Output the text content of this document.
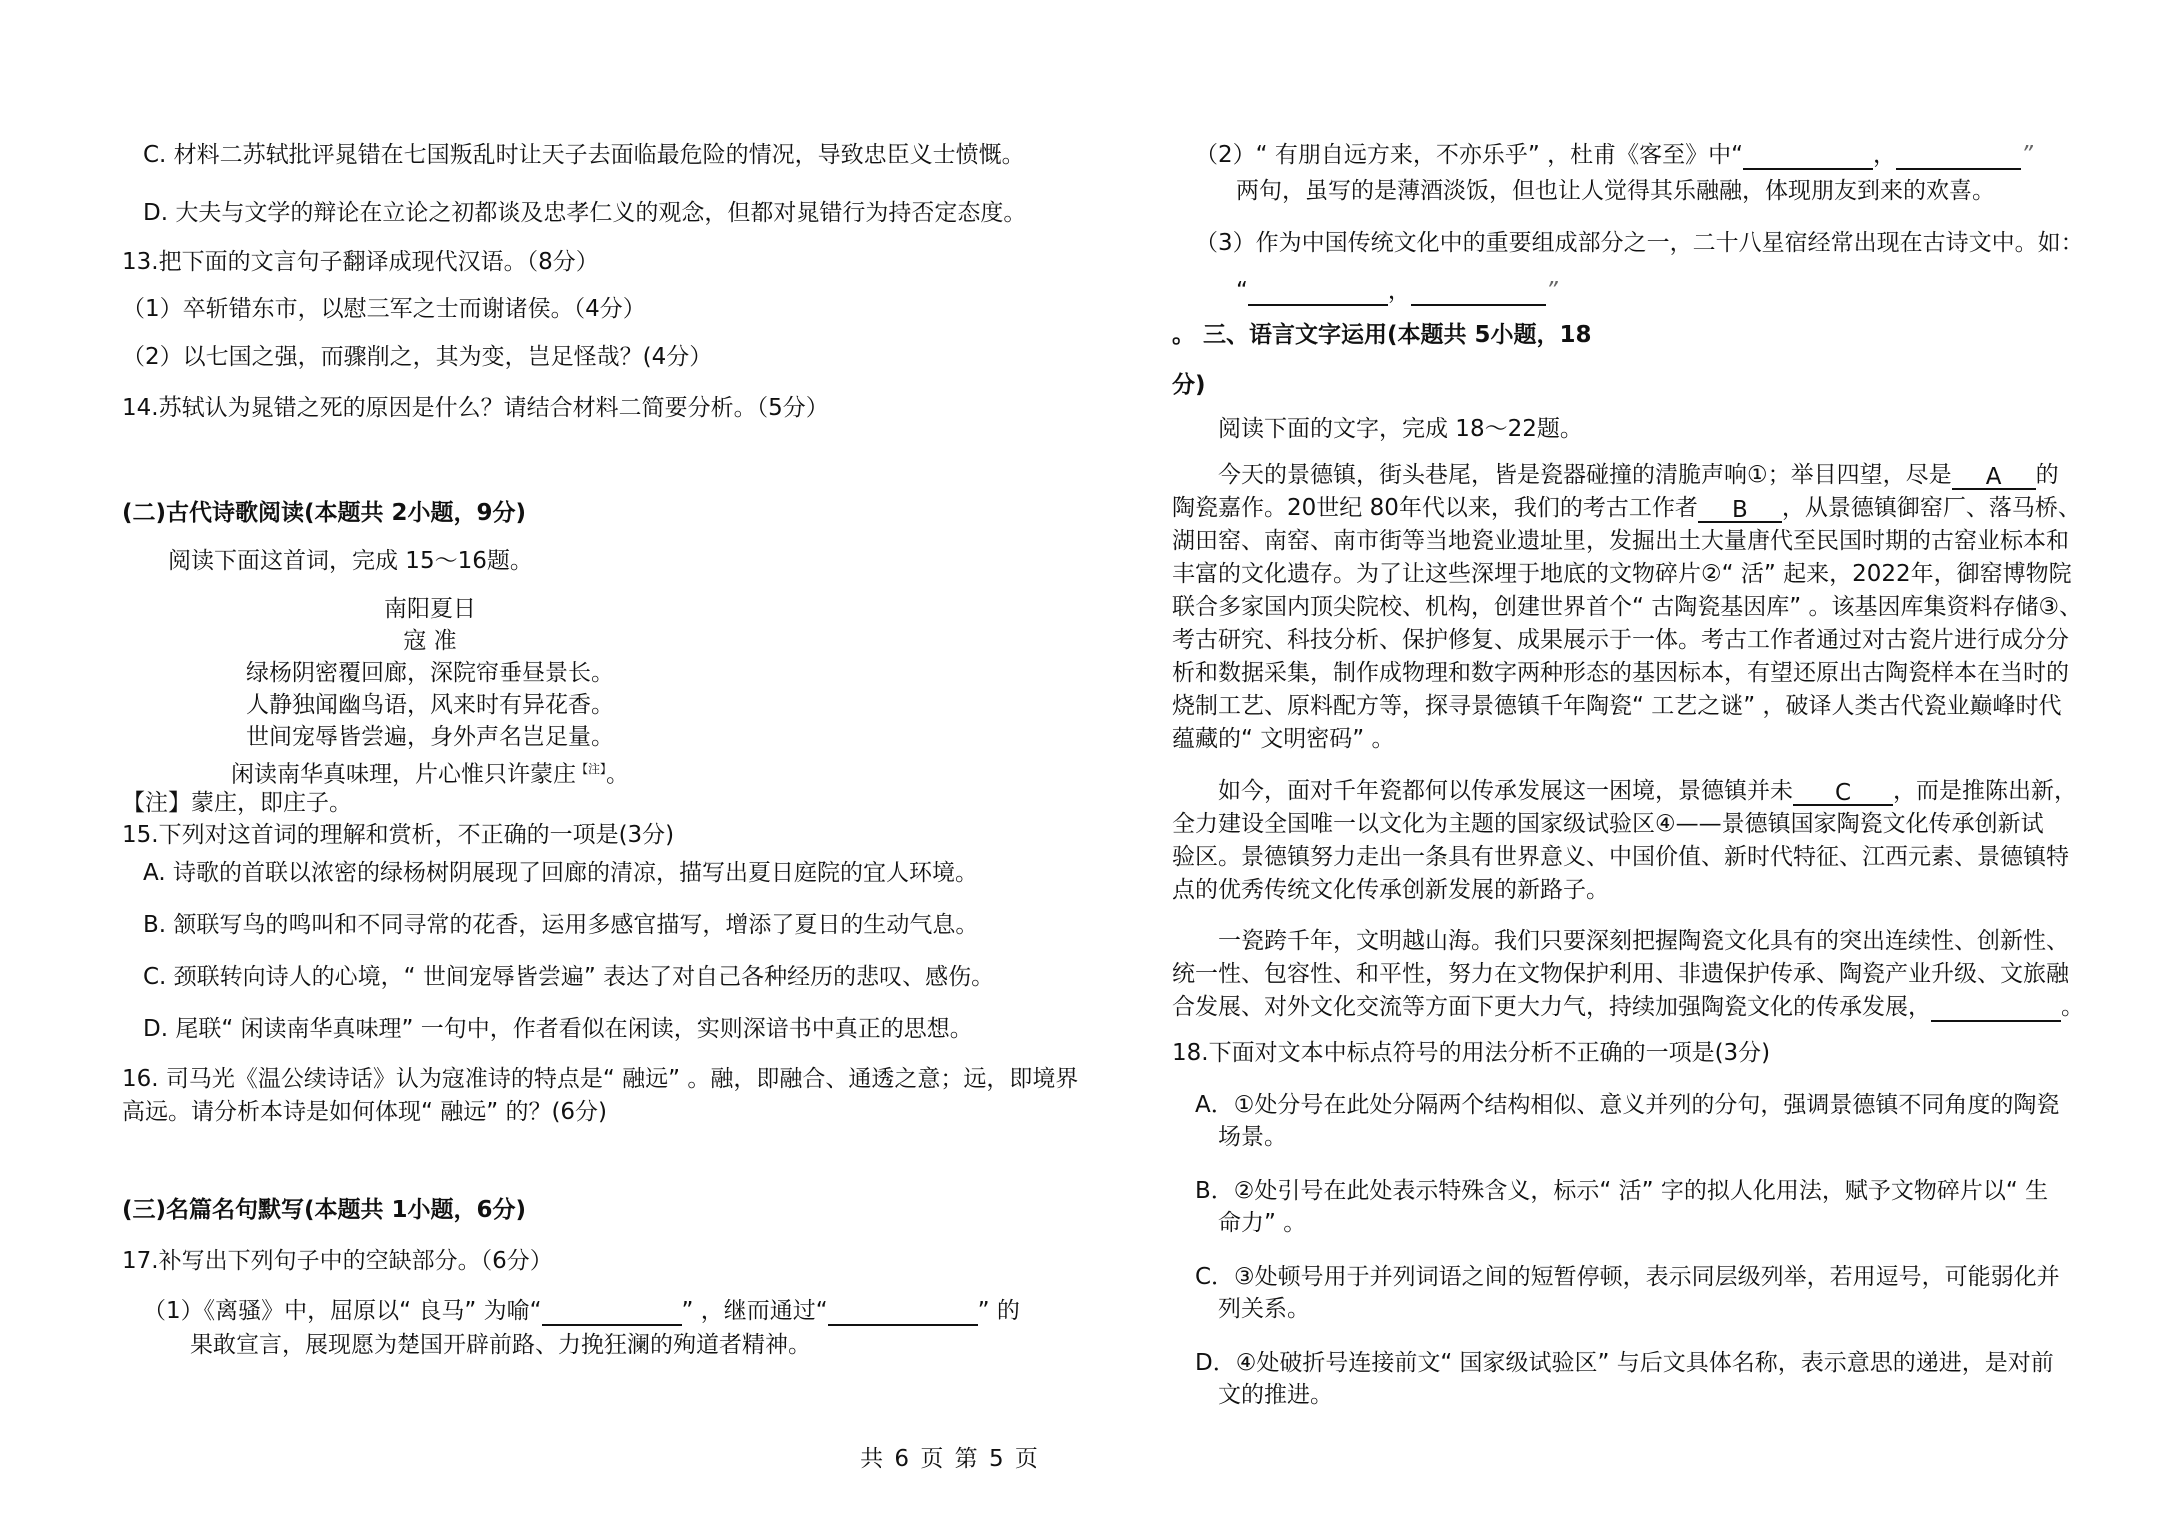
C. 材料二苏轼批评晁错在七国叛乱时让天子去面临最危险的情况，导致忠臣义士愤慨。
D. 大夫与文学的辩论在立论之初都谈及忠孝仁义的观念，但都对晁错行为持否定态度。
13.把下面的文言句子翻译成现代汉语。（8分）
（1）卒斩错东市，以慰三军之士而谢诸侯。（4分）
（2）以七国之强，而骤削之，其为变，岂足怪哉？(4分）
14.苏轼认为晁错之死的原因是什么？请结合材料二简要分析。（5分）
(二)古代诗歌阅读(本题共 2小题，9分)
阅读下面这首词，完成 15～16题。
南阳夏日
寇 准
绿杨阴密覆回廊，深院帘垂昼景长。
人静独闻幽鸟语，风来时有异花香。
世间宠辱皆尝遍，身外声名岂足量。
闲读南华真味理，片心惟只许蒙庄$^{【注】}$。
【注】蒙庄，即庄子。
15.下列对这首词的理解和赏析，不正确的一项是(3分)
A. 诗歌的首联以浓密的绿杨树阴展现了回廊的清凉，描写出夏日庭院的宜人环境。
B. 颔联写鸟的鸣叫和不同寻常的花香，运用多感官描写，增添了夏日的生动气息。
C. 颈联转向诗人的心境，“ 世间宠辱皆尝遍” 表达了对自己各种经历的悲叹、感伤。
D. 尾联“ 闲读南华真味理” 一句中，作者看似在闲读，实则深谙书中真正的思想。
16. 司马光《温公续诗话》认为寇准诗的特点是“ 融远” 。融，即融合、通透之意；远，即境界
高远。请分析本诗是如何体现“ 融远” 的？(6分)
(三)名篇名句默写(本题共 1小题，6分)
17.补写出下列句子中的空缺部分。（6分）
（1）《离骚》中，屈原以“ 良马” 为喻“	” ，继而通过“	” 的
果敢宣言，展现愿为楚国开辟前路、力挽狂澜的殉道者精神。
（2）“ 有朋自远方来，不亦乐乎” ，杜甫《客至》中“	，	”
两句，虽写的是薄酒淡饭，但也让人觉得其乐融融，体现朋友到来的欢喜。
（3）作为中国传统文化中的重要组成部分之一，二十八星宿经常出现在古诗文中。如：
“	，	”
。 三、语言文字运用(本题共 5小题，18
分)
阅读下面的文字，完成 18～22题。
今天的景德镇，街头巷尾，皆是瓷器碰撞的清脆声响①；举目四望，尽是 A 的
陶瓷嘉作。20世纪 80年代以来，我们的考古工作者 B ，从景德镇御窑厂、落马桥、
湖田窑、南窑、南市街等当地瓷业遗址里，发掘出土大量唐代至民国时期的古窑业标本和
丰富的文化遗存。为了让这些深埋于地底的文物碎片②“ 活” 起来，2022年，御窑博物院
联合多家国内顶尖院校、机构，创建世界首个“ 古陶瓷基因库” 。该基因库集资料存储③、
考古研究、科技分析、保护修复、成果展示于一体。考古工作者通过对古瓷片进行成分分
析和数据采集，制作成物理和数字两种形态的基因标本，有望还原出古陶瓷样本在当时的
烧制工艺、原料配方等，探寻景德镇千年陶瓷“ 工艺之谜” ，破译人类古代瓷业巅峰时代
蕴藏的“ 文明密码” 。
如今，面对千年瓷都何以传承发展这一困境，景德镇并未 C ，而是推陈出新，
全力建设全国唯一以文化为主题的国家级试验区④——景德镇国家陶瓷文化传承创新试
验区。景德镇努力走出一条具有世界意义、中国价值、新时代特征、江西元素、景德镇特
点的优秀传统文化传承创新发展的新路子。
一瓷跨千年，文明越山海。我们只要深刻把握陶瓷文化具有的突出连续性、创新性、
统一性、包容性、和平性，努力在文物保护利用、非遗保护传承、陶瓷产业升级、文旅融
合发展、对外文化交流等方面下更大力气，持续加强陶瓷文化的传承发展，	。
18.下面对文本中标点符号的用法分析不正确的一项是(3分)
A．①处分号在此处分隔两个结构相似、意义并列的分句，强调景德镇不同角度的陶瓷
场景。
B．②处引号在此处表示特殊含义，标示“ 活” 字的拟人化用法，赋予文物碎片以“ 生
命力” 。
C．③处顿号用于并列词语之间的短暂停顿，表示同层级列举，若用逗号，可能弱化并
列关系。
D．④处破折号连接前文“ 国家级试验区” 与后文具体名称，表示意思的递进，是对前
文的推进。
共 6 页 第 5 页
